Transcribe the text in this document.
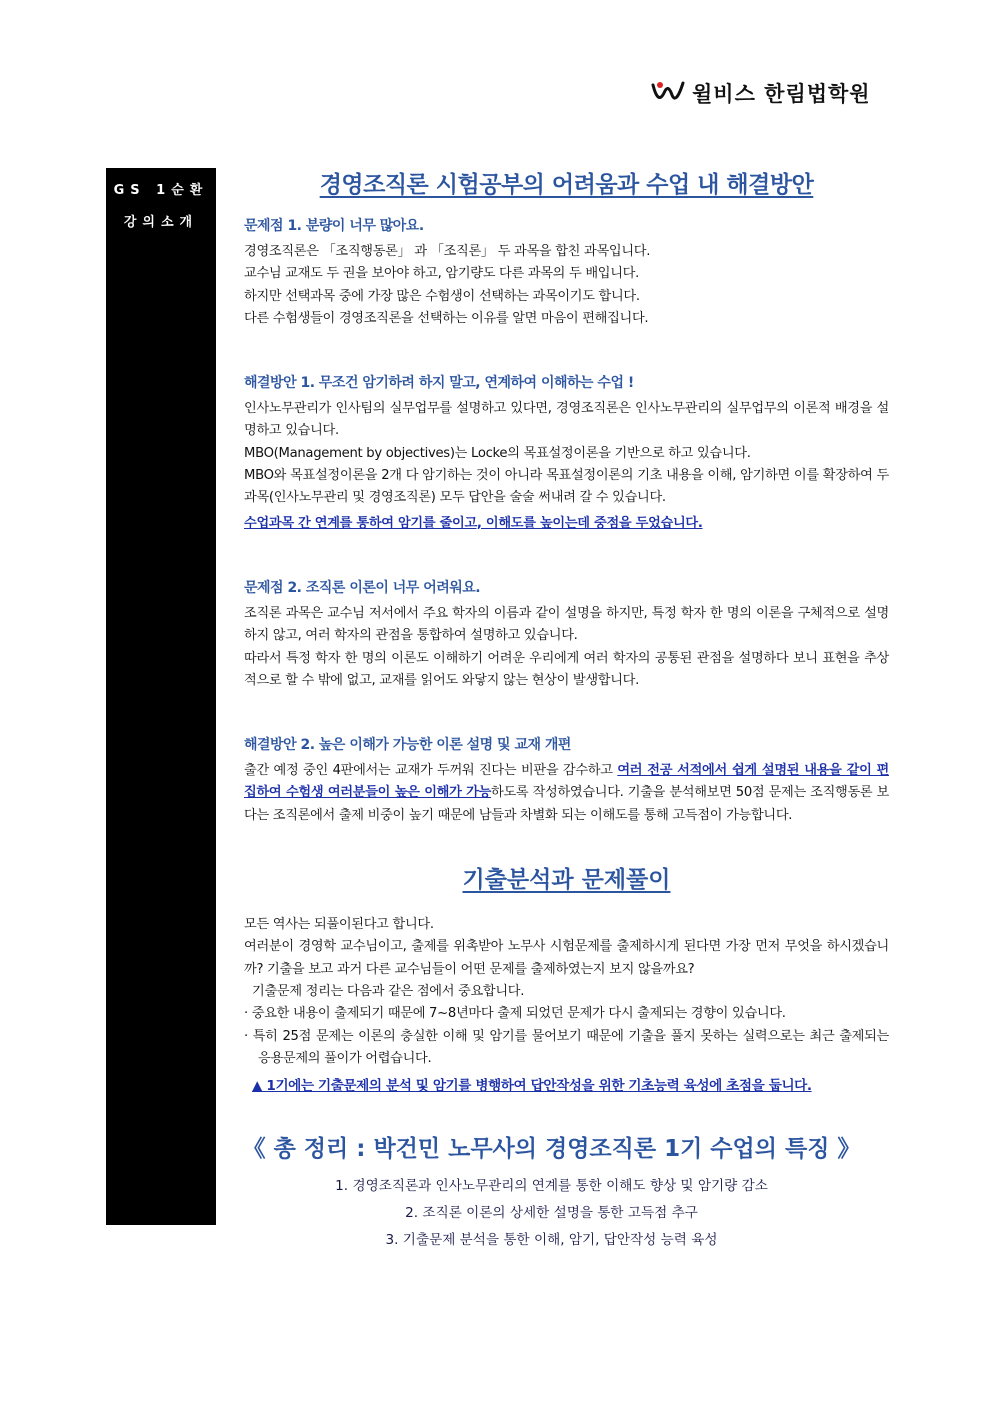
윌비스 한림법학원
GS 1순환
강의소개
경영조직론 시험공부의 어려움과 수업 내 해결방안
문제점 1. 분량이 너무 많아요.

경영조직론은 「조직행동론」 과 「조직론」 두 과목을 합친 과목입니다.

교수님 교재도 두 권을 보아야 하고, 암기량도 다른 과목의 두 배입니다.

하지만 선택과목 중에 가장 많은 수험생이 선택하는 과목이기도 합니다.

다른 수험생들이 경영조직론을 선택하는 이유를 알면 마음이 편해집니다.

해결방안 1. 무조건 암기하려 하지 말고, 연계하여 이해하는 수업 !

인사노무관리가 인사팀의 실무업무를 설명하고 있다면, 경영조직론은 인사노무관리의 실무업무의 이론적 배경을 설명하고 있습니다.

MBO(Management by objectives)는 Locke의 목표설정이론을 기반으로 하고 있습니다.

MBO와 목표설정이론을 2개 다 암기하는 것이 아니라 목표설정이론의 기초 내용을 이해, 암기하면 이를 확장하여 두 과목(인사노무관리 및 경영조직론) 모두 답안을 술술 써내려 갈 수 있습니다.

수업과목 간 연계를 통하여 암기를 줄이고, 이해도를 높이는데 중점을 두었습니다.

문제점 2. 조직론 이론이 너무 어려워요.

조직론 과목은 교수님 저서에서 주요 학자의 이름과 같이 설명을 하지만, 특정 학자 한 명의 이론을 구체적으로 설명하지 않고, 여러 학자의 관점을 통합하여 설명하고 있습니다.

따라서 특정 학자 한 명의 이론도 이해하기 어려운 우리에게 여러 학자의 공통된 관점을 설명하다 보니 표현을 추상적으로 할 수 밖에 없고, 교재를 읽어도 와닿지 않는 현상이 발생합니다.

해결방안 2. 높은 이해가 가능한 이론 설명 및 교재 개편

출간 예정 중인 4판에서는 교재가 두꺼워 진다는 비판을 감수하고 여러 전공 서적에서 쉽게 설명된 내용을 같이 편집하여 수험생 여러분들이 높은 이해가 가능하도록 작성하였습니다. 기출을 분석해보면 50점 문제는 조직행동론 보다는 조직론에서 출제 비중이 높기 때문에 남들과 차별화 되는 이해도를 통해 고득점이 가능합니다.

기출분석과 문제풀이

모든 역사는 되풀이된다고 합니다.

여러분이 경영학 교수님이고, 출제를 위촉받아 노무사 시험문제를 출제하시게 된다면 가장 먼저 무엇을 하시겠습니까? 기출을 보고 과거 다른 교수님들이 어떤 문제를 출제하였는지 보지 않을까요?

기출문제 정리는 다음과 같은 점에서 중요합니다.

· 중요한 내용이 출제되기 때문에 7~8년마다 출제 되었던 문제가 다시 출제되는 경향이 있습니다.

· 특히 25점 문제는 이론의 충실한 이해 및 암기를 물어보기 때문에 기출을 풀지 못하는 실력으로는 최근 출제되는 응용문제의 풀이가 어렵습니다.

▲ 1기에는 기출문제의 분석 및 암기를 병행하여 답안작성을 위한 기초능력 육성에 초점을 둡니다.

《 총 정리 : 박건민 노무사의 경영조직론 1기 수업의 특징 》
1. 경영조직론과 인사노무관리의 연계를 통한 이해도 향상 및 암기량 감소
2. 조직론 이론의 상세한 설명을 통한 고득점 추구
3. 기출문제 분석을 통한 이해, 암기, 답안작성 능력 육성
